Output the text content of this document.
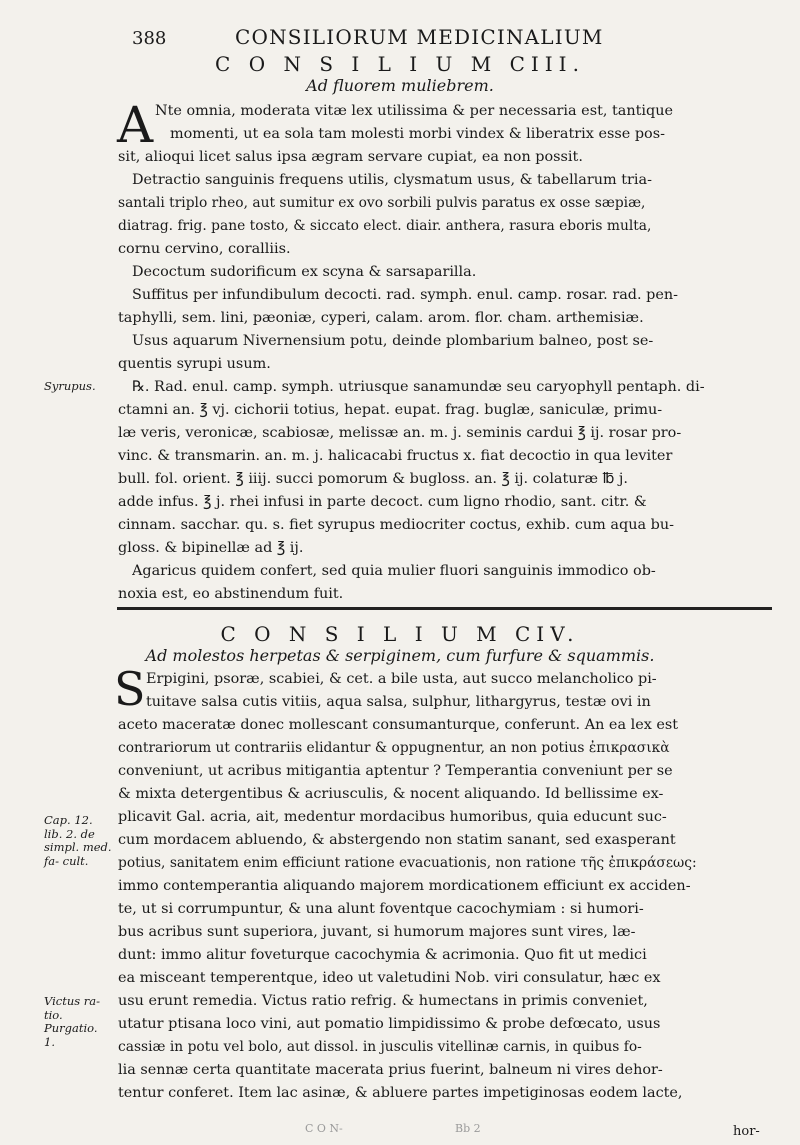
388	CONSILIORUM MEDICINALIUM
C O N S I L I U M CIII.
Ad fluorem muliebrem.
A Nte omnia, moderata vitæ lex utilissima & per necessaria est, tantique
momenti, ut ea sola tam molesti morbi vindex & liberatrix esse pos-
sit, alioqui licet salus ipsa ægram servare cupiat, ea non possit.
Detractio sanguinis frequens utilis, clysmatum usus, & tabellarum tria-
santali triplo rheo, aut sumitur ex ovo sorbili pulvis paratus ex osse sæpiæ,
diatrag. frig. pane tosto, & siccato elect. diair. anthera, rasura eboris multa,
cornu cervino, coralliis.
Decoctum sudorificum ex scyna & sarsaparilla.
Suffitus per infundibulum decocti. rad. symph. enul. camp. rosar. rad. pen-
taphylli, sem. lini, pæoniæ, cyperi, calam. arom. flor. cham. arthemisiæ.
Usus aquarum Nivernensium potu, deinde plombarium balneo, post se-
quentis syrupi usum.
Syrupus.	℞. Rad. enul. camp. symph. utriusque sanamundæ seu caryophyll pentaph. di-
ctamni an. ℥ vj. cichorii totius, hepat. eupat. frag. buglæ, saniculæ, primu-
læ veris, veronicæ, scabiosæ, melissæ an. m. j. seminis cardui ℥ ij. rosar pro-
vinc. & transmarin. an. m. j. halicacabi fructus x. fiat decoctio in qua leviter
bull. fol. orient. ℥ iiij. succi pomorum & bugloss. an. ℥ ij. colaturæ ℔ j.
adde infus. ℥ j. rhei infusi in parte decoct. cum ligno rhodio, sant. citr. &
cinnam. sacchar. qu. s. fiet syrupus mediocriter coctus, exhib. cum aqua bu-
gloss. & bipinellæ ad ℥ ij.
Agaricus quidem confert, sed quia mulier fluori sanguinis immodico ob-
noxia est, eo abstinendum fuit.
C O N S I L I U M CIV.
Ad molestos herpetas & serpiginem, cum furfure & squammis.
S Erpigini, psoræ, scabiei, & cet. a bile usta, aut succo melancholico pi-
tuitave salsa cutis vitiis, aqua salsa, sulphur, lithargyrus, testæ ovi in
aceto maceratæ donec mollescant consumanturque, conferunt. An ea lex est
contrariorum ut contrariis elidantur & oppugnentur, an non potius ἐπικρασικὰ
conveniunt, ut acribus mitigantia aptentur ? Temperantia conveniunt per se
& mixta detergentibus & acriusculis, & nocent aliquando. Id bellissime ex-
Cap. 12. lib. 2. de simpl. med. fa- cult.
plicavit Gal. acria, ait, medentur mordacibus humoribus, quia educunt suc-
cum mordacem abluendo, & abstergendo non statim sanant, sed exasperant
potius, sanitatem enim efficiunt ratione evacuationis, non ratione τῆς ἐπικράσεως:
immo contemperantia aliquando majorem mordicationem efficiunt ex acciden-
te, ut si corrumpuntur, & una alunt foventque cacochymiam : si humori-
bus acribus sunt superiora, juvant, si humorum majores sunt vires, læ-
dunt: immo alitur foveturque cacochymia & acrimonia. Quo fit ut medici
ea misceant temperentque, ideo ut valetudini Nob. viri consulatur, hæc ex
Victus ra- tio. Purgatio. 1.
usu erunt remedia. Victus ratio refrig. & humectans in primis conveniet,
utatur ptisana loco vini, aut pomatio limpidissimo & probe defœcato, usus
cassiæ in potu vel bolo, aut dissol. in jusculis vitellinæ carnis, in quibus fo-
lia sennæ certa quantitate macerata prius fuerint, balneum ni vires dehor-
tentur conferet. Item lac asinæ, & abluere partes impetiginosas eodem lacte,
C O N-	Bb 2	hor-
